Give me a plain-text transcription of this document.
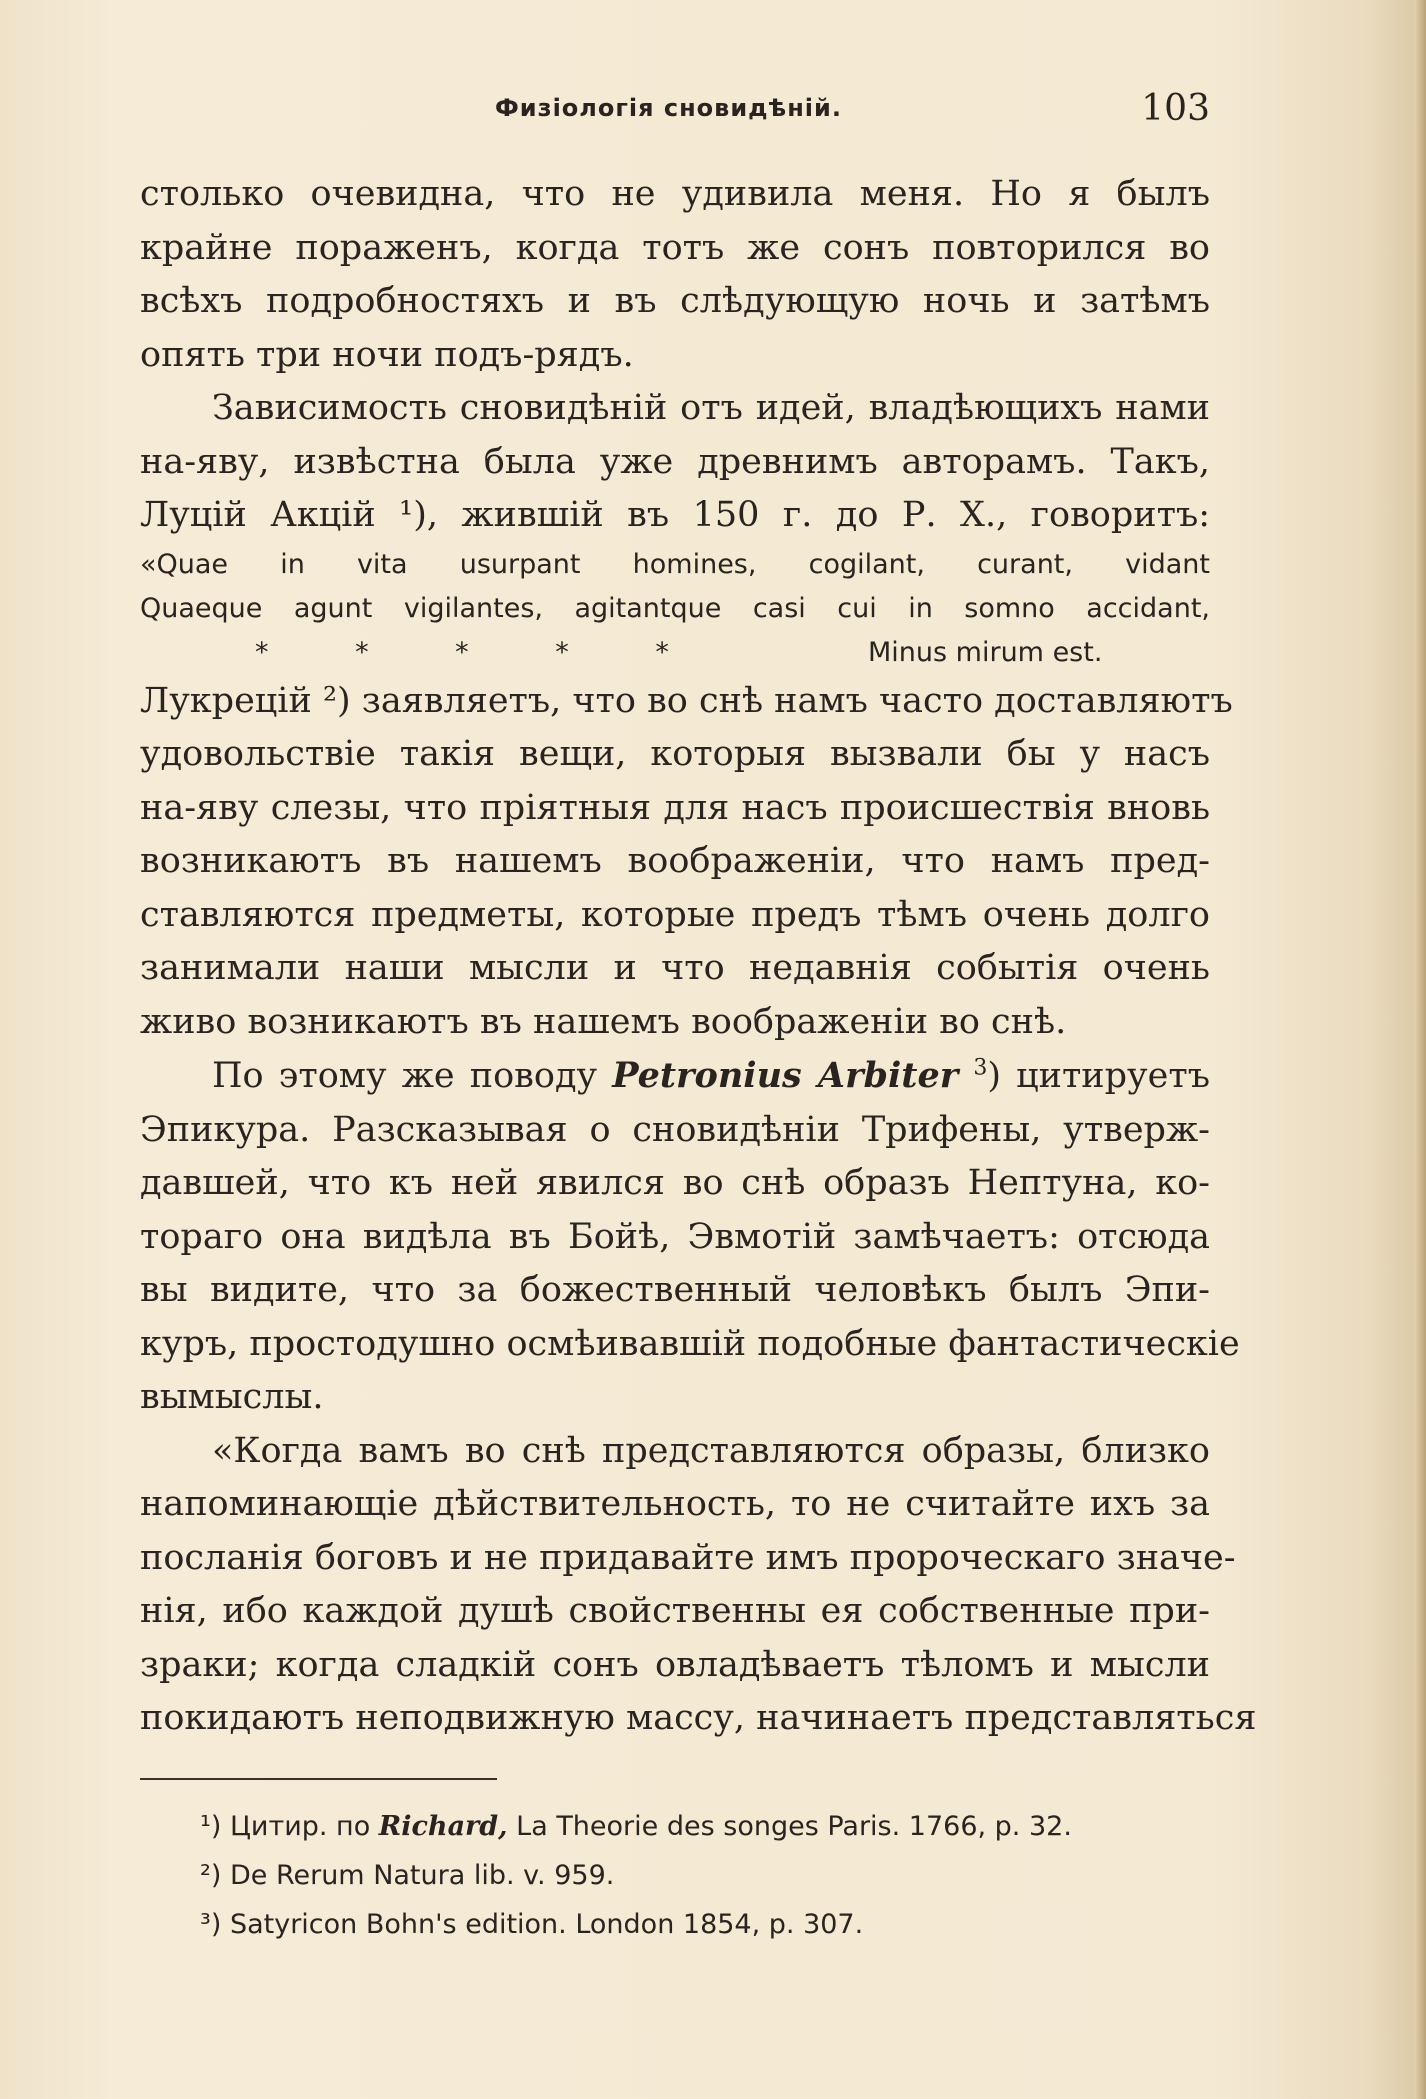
Физіологія сновидѣній.	103
столько очевидна, что не удивила меня. Но я былъ
крайне пораженъ, когда тотъ же сонъ повторился во
всѣхъ подробностяхъ и въ слѣдующую ночь и затѣмъ
опять три ночи подъ-рядъ.
Зависимость сновидѣній отъ идей, владѣющихъ нами
на-яву, извѣстна была уже древнимъ авторамъ. Такъ,
Луцій Акцій ¹), жившій въ 150 г. до Р. Х., говоритъ:
«Quae in vita usurpant homines, cogilant, curant, vidant
Quaeque agunt vigilantes, agitantque casi cui in somno accidant,
* * * * *	Minus mirum est.
Лукрецій ²) заявляетъ, что во снѣ намъ часто доставляютъ
удовольствіе такія вещи, которыя вызвали бы у насъ
на-яву слезы, что пріятныя для насъ происшествія вновь
возникаютъ въ нашемъ воображеніи, что намъ пред-
ставляются предметы, которые предъ тѣмъ очень долго
занимали наши мысли и что недавнія событія очень
живо возникаютъ въ нашемъ воображеніи во снѣ.
По этому же поводу Petronius Arbiter $^3$) цитируетъ
Эпикура. Разсказывая о сновидѣніи Трифены, утверж-
давшей, что къ ней явился во снѣ образъ Нептуна, ко-
тораго она видѣла въ Бойѣ, Эвмотій замѣчаетъ: отсюда
вы видите, что за божественный человѣкъ былъ Эпи-
куръ, простодушно осмѣивавшій подобные фантастическіе
вымыслы.
«Когда вамъ во снѣ представляются образы, близко
напоминающіе дѣйствительность, то не считайте ихъ за
посланія боговъ и не придавайте имъ пророческаго значе-
нія, ибо каждой душѣ свойственны ея собственные при-
зраки; когда сладкій сонъ овладѣваетъ тѣломъ и мысли
покидаютъ неподвижную массу, начинаетъ представляться
¹) Цитир. по Richard, La Theorie des songes Paris. 1766, p. 32.
²) De Rerum Natura lib. v. 959.
³) Satyricon Bohn's edition. London 1854, p. 307.
